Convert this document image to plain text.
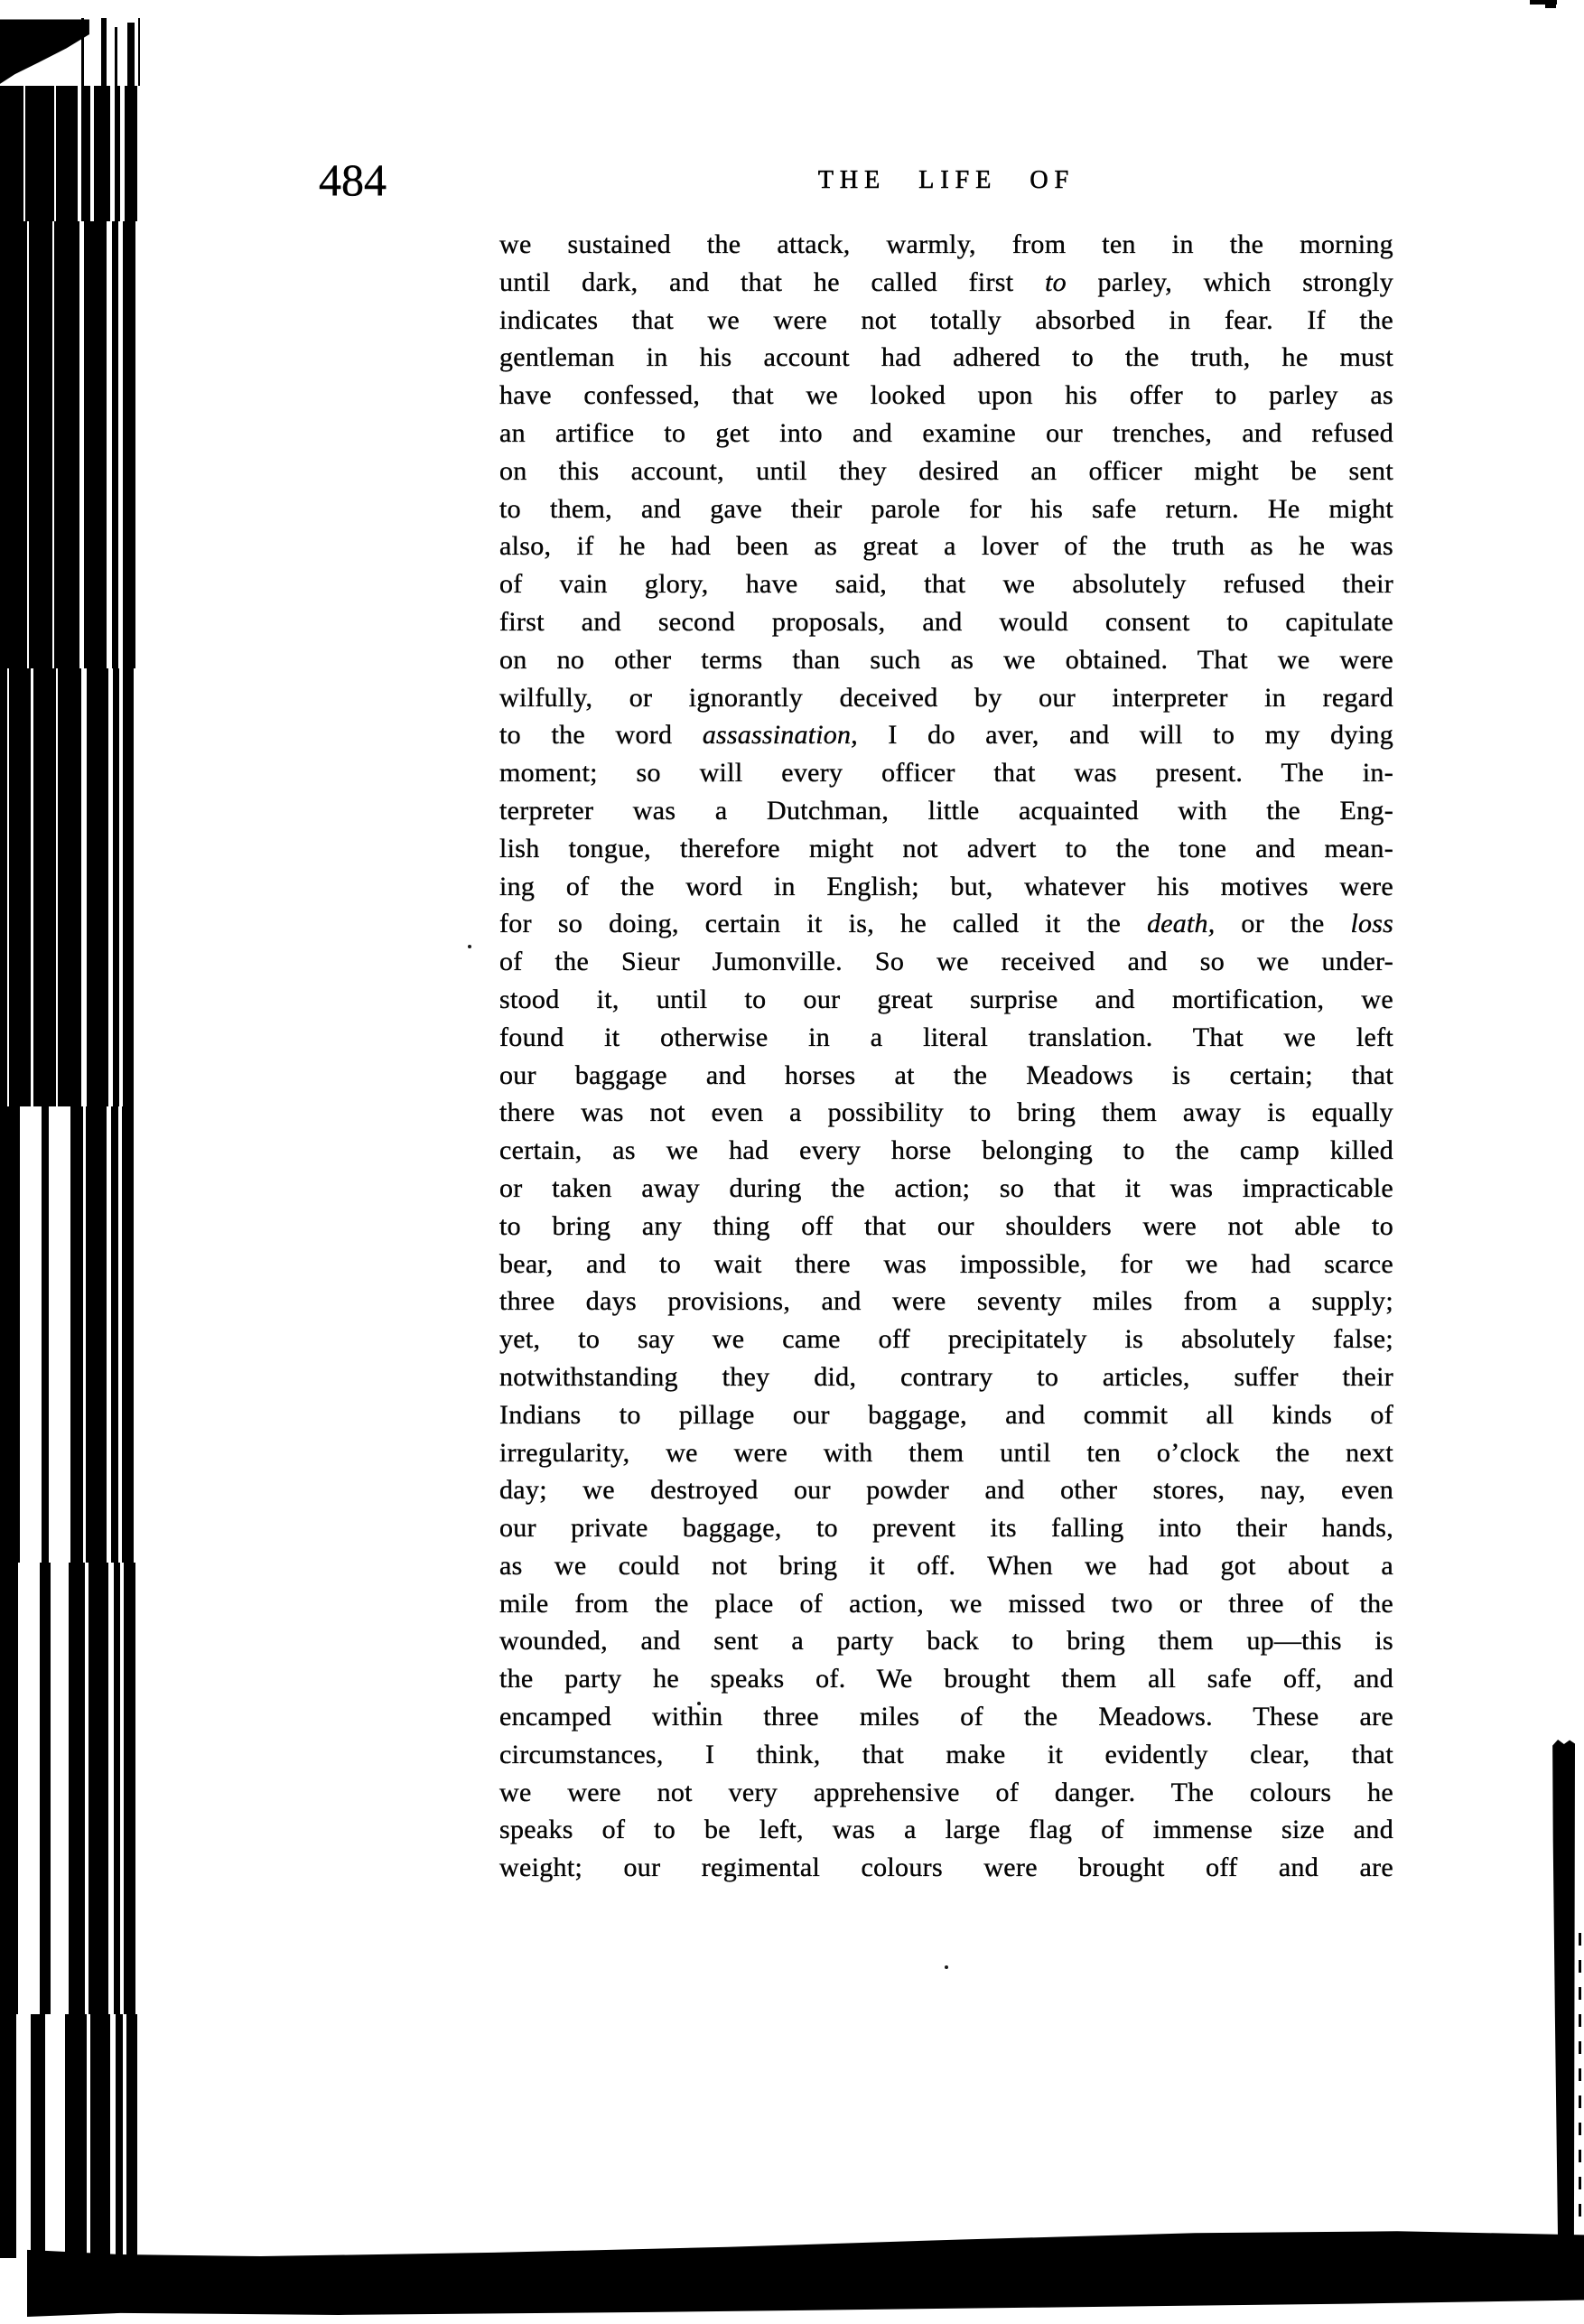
484	THE LIFE OF
we sustained the attack, warmly, from ten in the morning
until dark, and that he called first to parley, which strongly
indicates that we were not totally absorbed in fear. If the
gentleman in his account had adhered to the truth, he must
have confessed, that we looked upon his offer to parley as
an artifice to get into and examine our trenches, and refused
on this account, until they desired an officer might be sent
to them, and gave their parole for his safe return. He might
also, if he had been as great a lover of the truth as he was
of vain glory, have said, that we absolutely refused their
first and second proposals, and would consent to capitulate
on no other terms than such as we obtained. That we were
wilfully, or ignorantly deceived by our interpreter in regard
to the word assassination, I do aver, and will to my dying
moment; so will every officer that was present. The in-
terpreter was a Dutchman, little acquainted with the Eng-
lish tongue, therefore might not advert to the tone and mean-
ing of the word in English; but, whatever his motives were
for so doing, certain it is, he called it the death, or the loss
of the Sieur Jumonville. So we received and so we under-
stood it, until to our great surprise and mortification, we
found it otherwise in a literal translation. That we left
our baggage and horses at the Meadows is certain; that
there was not even a possibility to bring them away is equally
certain, as we had every horse belonging to the camp killed
or taken away during the action; so that it was impracticable
to bring any thing off that our shoulders were not able to
bear, and to wait there was impossible, for we had scarce
three days provisions, and were seventy miles from a supply;
yet, to say we came off precipitately is absolutely false;
notwithstanding they did, contrary to articles, suffer their
Indians to pillage our baggage, and commit all kinds of
irregularity, we were with them until ten o’clock the next
day; we destroyed our powder and other stores, nay, even
our private baggage, to prevent its falling into their hands,
as we could not bring it off. When we had got about a
mile from the place of action, we missed two or three of the
wounded, and sent a party back to bring them up—this is
the party he speaks of. We brought them all safe off, and
encamped within three miles of the Meadows. These are
circumstances, I think, that make it evidently clear, that
we were not very apprehensive of danger. The colours he
speaks of to be left, was a large flag of immense size and
weight; our regimental colours were brought off and are
